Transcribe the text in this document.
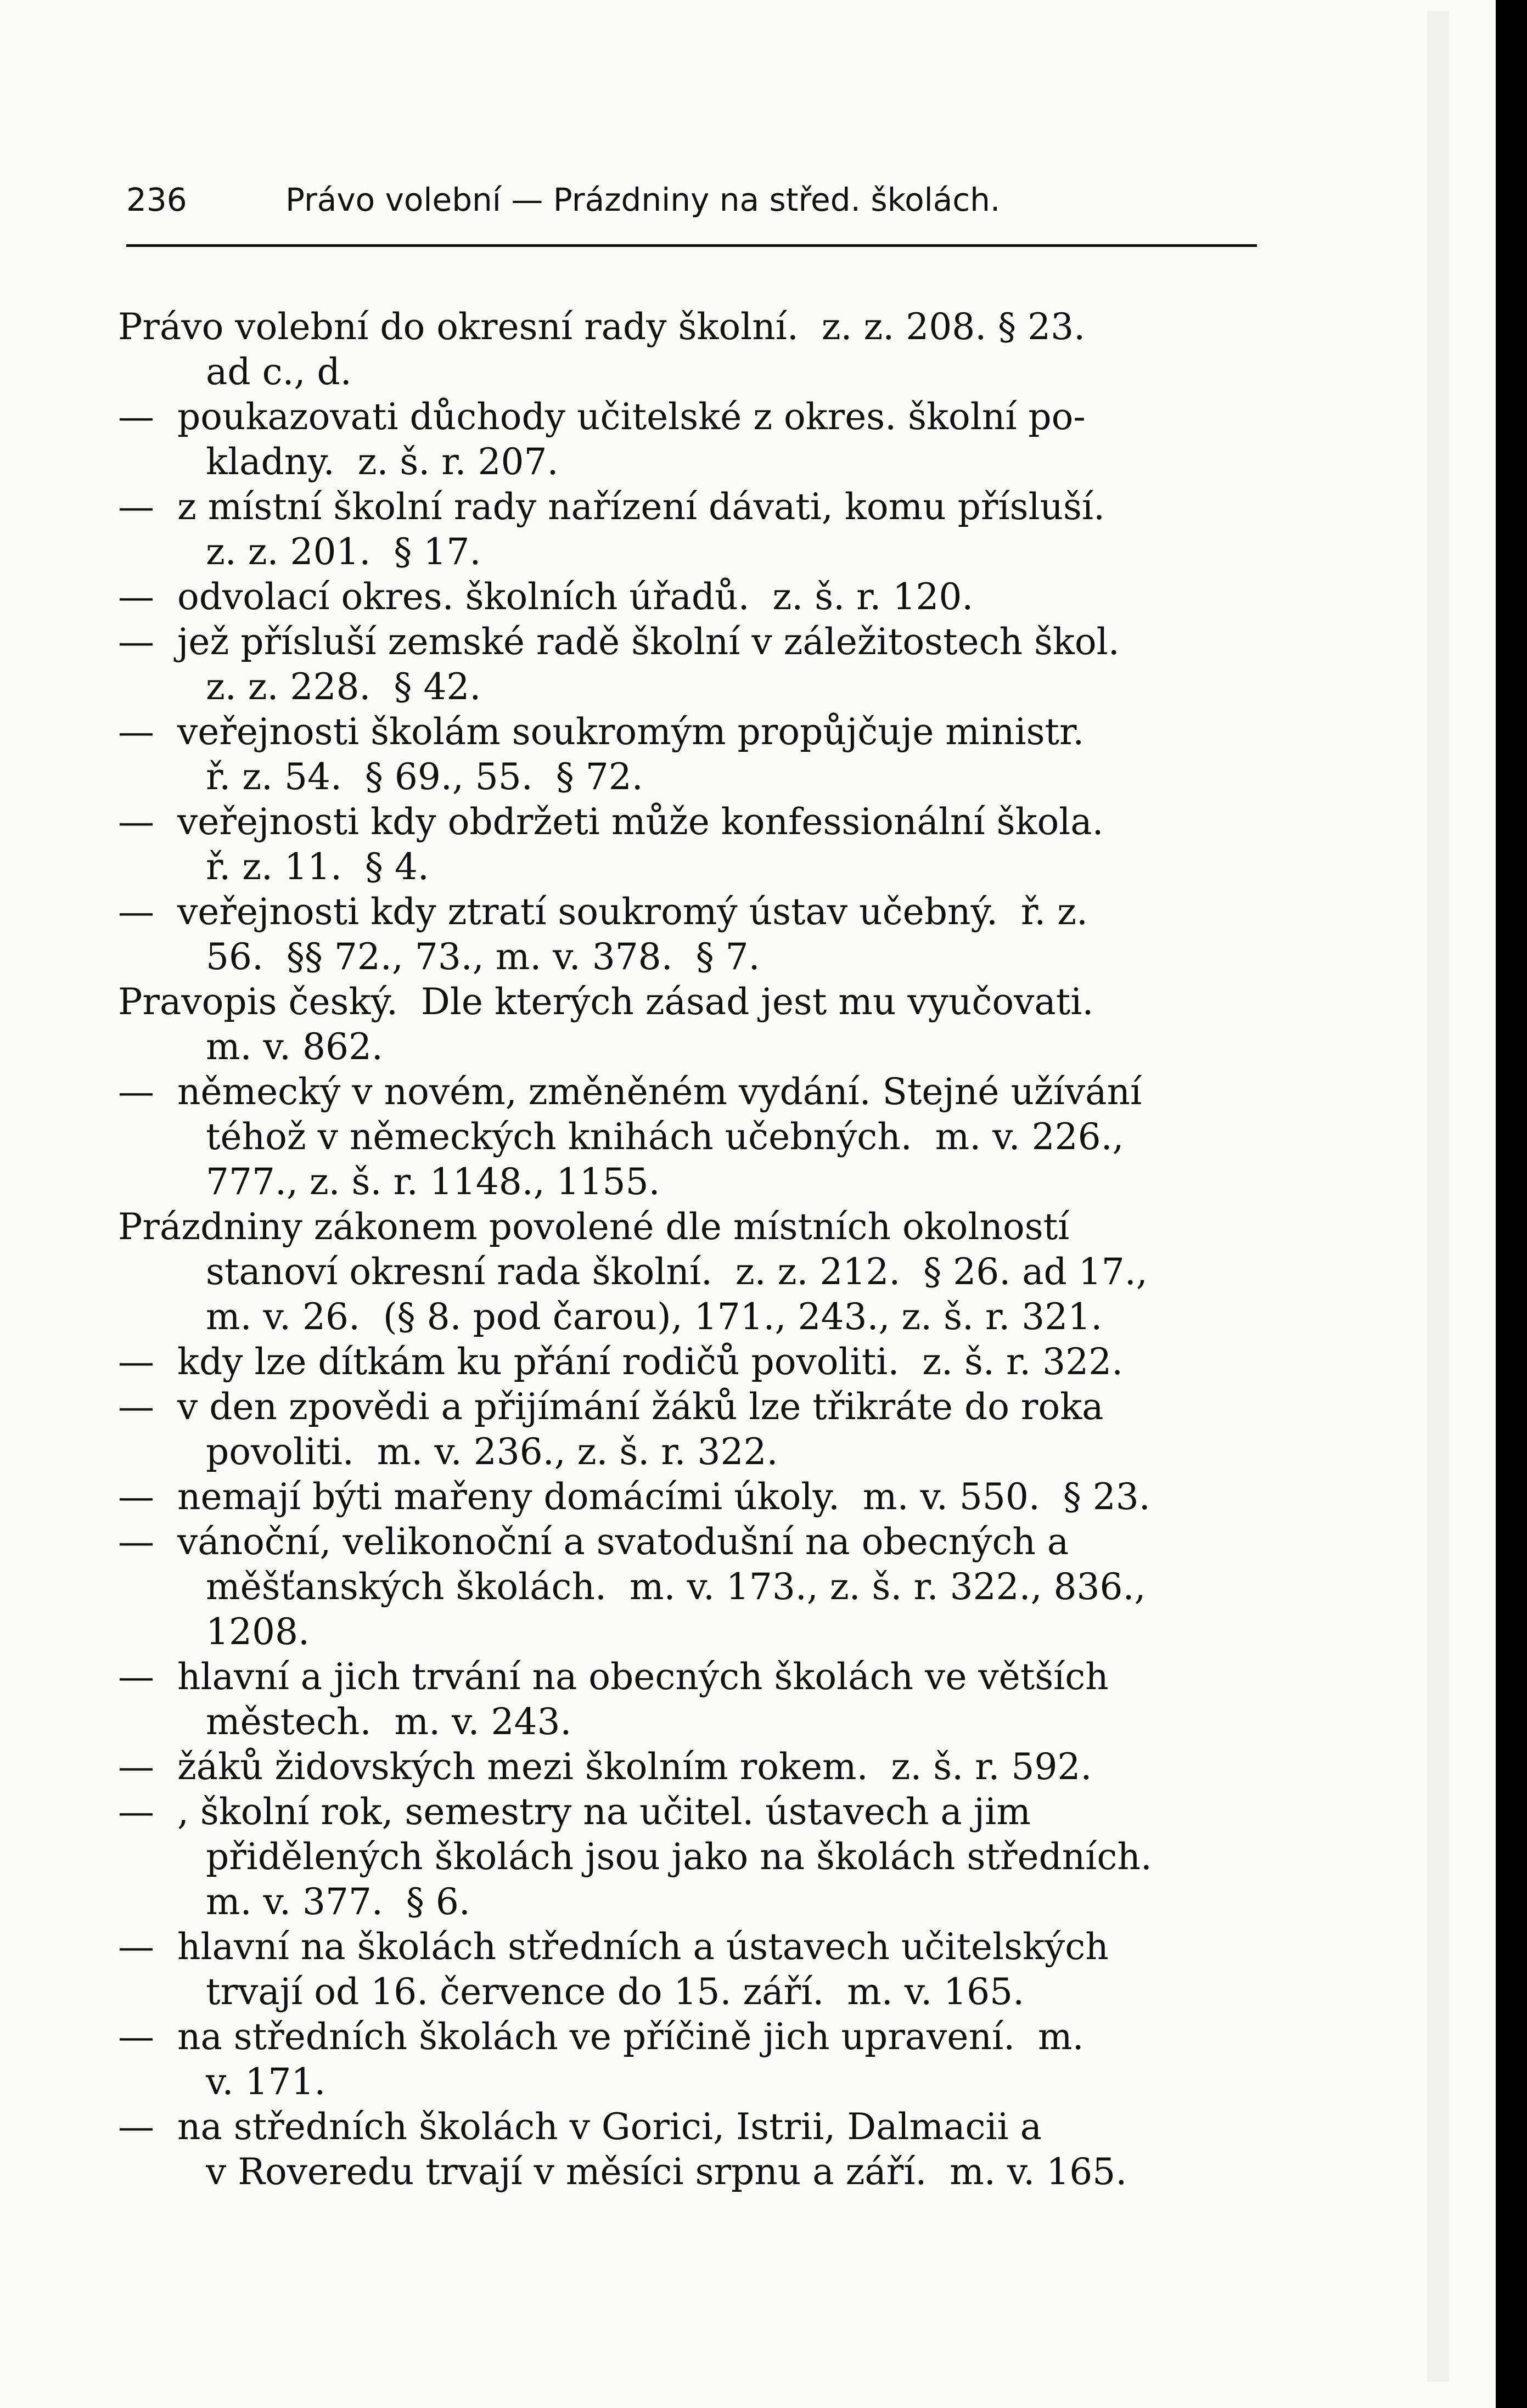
236	Právo volební — Prázdniny na střed. školách.
Právo volební do okresní rady školní.  z. z. 208. § 23.
ad c., d.
—  poukazovati důchody učitelské z okres. školní po-
kladny.  z. š. r. 207.
—  z místní školní rady nařízení dávati, komu přísluší.
z. z. 201.  § 17.
—  odvolací okres. školních úřadů.  z. š. r. 120.
—  jež přísluší zemské radě školní v záležitostech škol.
z. z. 228.  § 42.
—  veřejnosti školám soukromým propůjčuje ministr.
ř. z. 54.  § 69., 55.  § 72.
—  veřejnosti kdy obdržeti může konfessionální škola.
ř. z. 11.  § 4.
—  veřejnosti kdy ztratí soukromý ústav učebný.  ř. z.
56.  §§ 72., 73., m. v. 378.  § 7.
Pravopis český.  Dle kterých zásad jest mu vyučovati.
m. v. 862.
—  německý v novém, změněném vydání. Stejné užívání
téhož v německých knihách učebných.  m. v. 226.,
777., z. š. r. 1148., 1155.
Prázdniny zákonem povolené dle místních okolností
stanoví okresní rada školní.  z. z. 212.  § 26. ad 17.,
m. v. 26.  (§ 8. pod čarou), 171., 243., z. š. r. 321.
—  kdy lze dítkám ku přání rodičů povoliti.  z. š. r. 322.
—  v den zpovědi a přijímání žáků lze třikráte do roka
povoliti.  m. v. 236., z. š. r. 322.
—  nemají býti mařeny domácími úkoly.  m. v. 550.  § 23.
—  vánoční, velikonoční a svatodušní na obecných a
měšťanských školách.  m. v. 173., z. š. r. 322., 836.,
1208.
—  hlavní a jich trvání na obecných školách ve větších
městech.  m. v. 243.
—  žáků židovských mezi školním rokem.  z. š. r. 592.
—  , školní rok, semestry na učitel. ústavech a jim
přidělených školách jsou jako na školách středních.
m. v. 377.  § 6.
—  hlavní na školách středních a ústavech učitelských
trvají od 16. července do 15. září.  m. v. 165.
—  na středních školách ve příčině jich upravení.  m.
v. 171.
—  na středních školách v Gorici, Istrii, Dalmacii a
v Roveredu trvají v měsíci srpnu a září.  m. v. 165.
